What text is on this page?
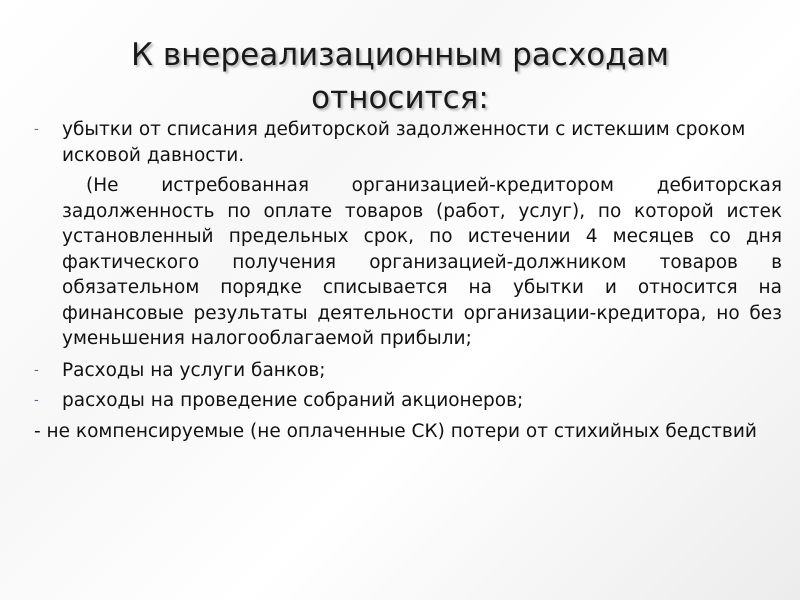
К внереализационным расходам относится:
-	убытки от списания дебиторской задолженности с истекшим сроком исковой давности.
(Не истребованная организацией-кредитором дебиторская задолженность по оплате товаров (работ, услуг), по которой истек установленный предельных срок, по истечении 4 месяцев со дня фактического получения организацией-должником товаров в обязательном порядке списывается на убытки и относится на финансовые результаты деятельности организации-кредитора, но без уменьшения налогооблагаемой прибыли;
-	Расходы на услуги банков;
-	расходы на проведение собраний акционеров;
- не компенсируемые (не оплаченные СК) потери от стихийных бедствий
